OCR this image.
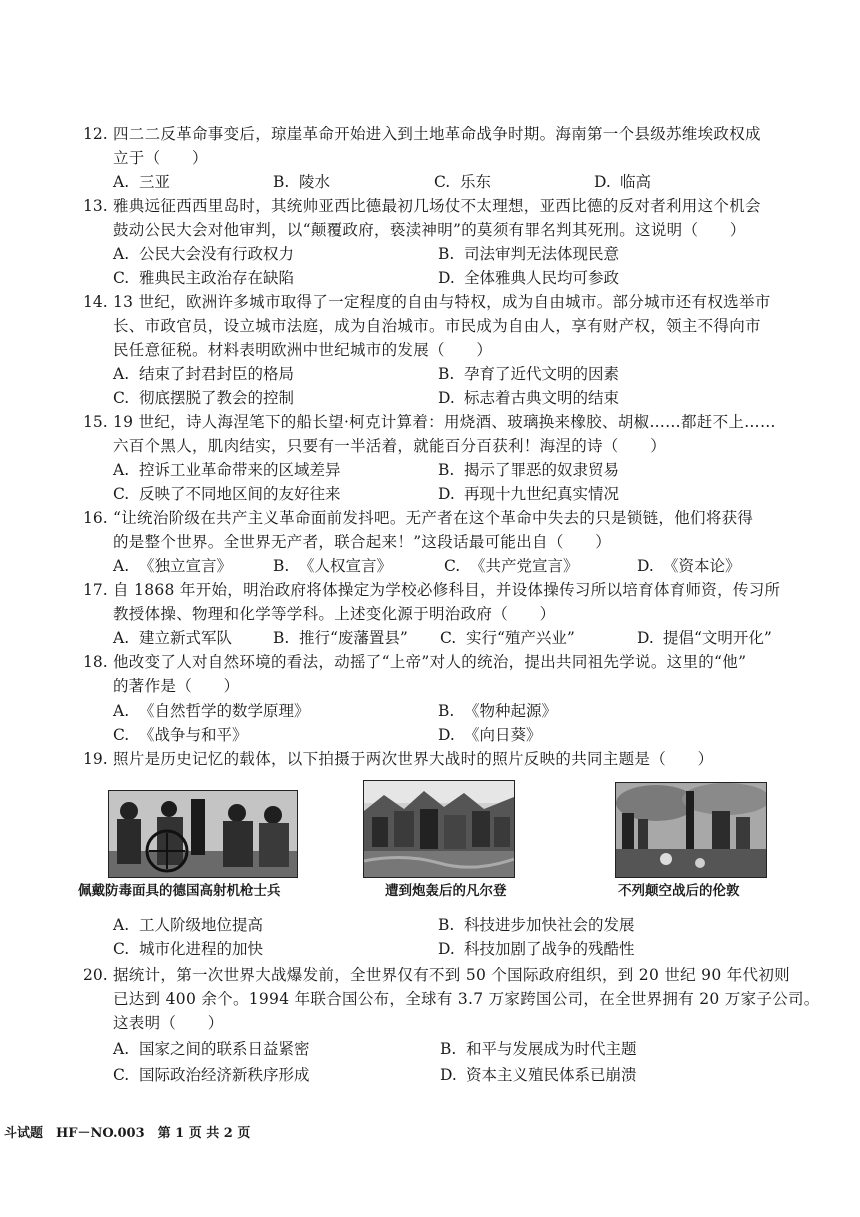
12. 四二二反革命事变后，琼崖革命开始进入到土地革命战争时期。海南第一个县级苏维埃政权成
立于（　　）
A. 三亚	B. 陵水	C. 乐东	D. 临高
13. 雅典远征西西里岛时，其统帅亚西比德最初几场仗不太理想，亚西比德的反对者利用这个机会
鼓动公民大会对他审判，以“颠覆政府，亵渎神明”的莫须有罪名判其死刑。这说明（　　）
A. 公民大会没有行政权力	B. 司法审判无法体现民意
C. 雅典民主政治存在缺陷	D. 全体雅典人民均可参政
14. 13 世纪，欧洲许多城市取得了一定程度的自由与特权，成为自由城市。部分城市还有权选举市
长、市政官员，设立城市法庭，成为自治城市。市民成为自由人，享有财产权，领主不得向市
民任意征税。材料表明欧洲中世纪城市的发展（　　）
A. 结束了封君封臣的格局	B. 孕育了近代文明的因素
C. 彻底摆脱了教会的控制	D. 标志着古典文明的结束
15. 19 世纪，诗人海涅笔下的船长望·柯克计算着：用烧酒、玻璃换来橡胶、胡椒……都赶不上……
六百个黑人，肌肉结实，只要有一半活着，就能百分百获利！海涅的诗（　　）
A. 控诉工业革命带来的区域差异	B. 揭示了罪恶的奴隶贸易
C. 反映了不同地区间的友好往来	D. 再现十九世纪真实情况
16. “让统治阶级在共产主义革命面前发抖吧。无产者在这个革命中失去的只是锁链，他们将获得
的是整个世界。全世界无产者，联合起来！”这段话最可能出自（　　）
A. 《独立宣言》	B. 《人权宣言》	C. 《共产党宣言》	D. 《资本论》
17. 自 1868 年开始，明治政府将体操定为学校必修科目，并设体操传习所以培育体育师资，传习所
教授体操、物理和化学等学科。上述变化源于明治政府（　　）
A. 建立新式军队	B. 推行“废藩置县” C. 实行“殖产兴业”	D. 提倡“文明开化”
18. 他改变了人对自然环境的看法，动摇了“上帝”对人的统治，提出共同祖先学说。这里的“他”
的著作是（　　）
A. 《自然哲学的数学原理》	B. 《物种起源》
C. 《战争与和平》	D. 《向日葵》
19. 照片是历史记忆的载体，以下拍摄于两次世界大战时的照片反映的共同主题是（　　）
佩戴防毒面具的德国高射机枪士兵	遭到炮轰后的凡尔登	不列颠空战后的伦敦
A. 工人阶级地位提高	B. 科技进步加快社会的发展
C. 城市化进程的加快	D. 科技加剧了战争的残酷性
20. 据统计，第一次世界大战爆发前，全世界仅有不到 50 个国际政府组织，到 20 世纪 90 年代初则
已达到 400 余个。1994 年联合国公布，全球有 3.7 万家跨国公司，在全世界拥有 20 万家子公司。
这表明（　　）
A. 国家之间的联系日益紧密	B. 和平与发展成为时代主题
C. 国际政治经济新秩序形成	D. 资本主义殖民体系已崩溃
斗试题　HF－NO.003　第 1 页 共 2 页
